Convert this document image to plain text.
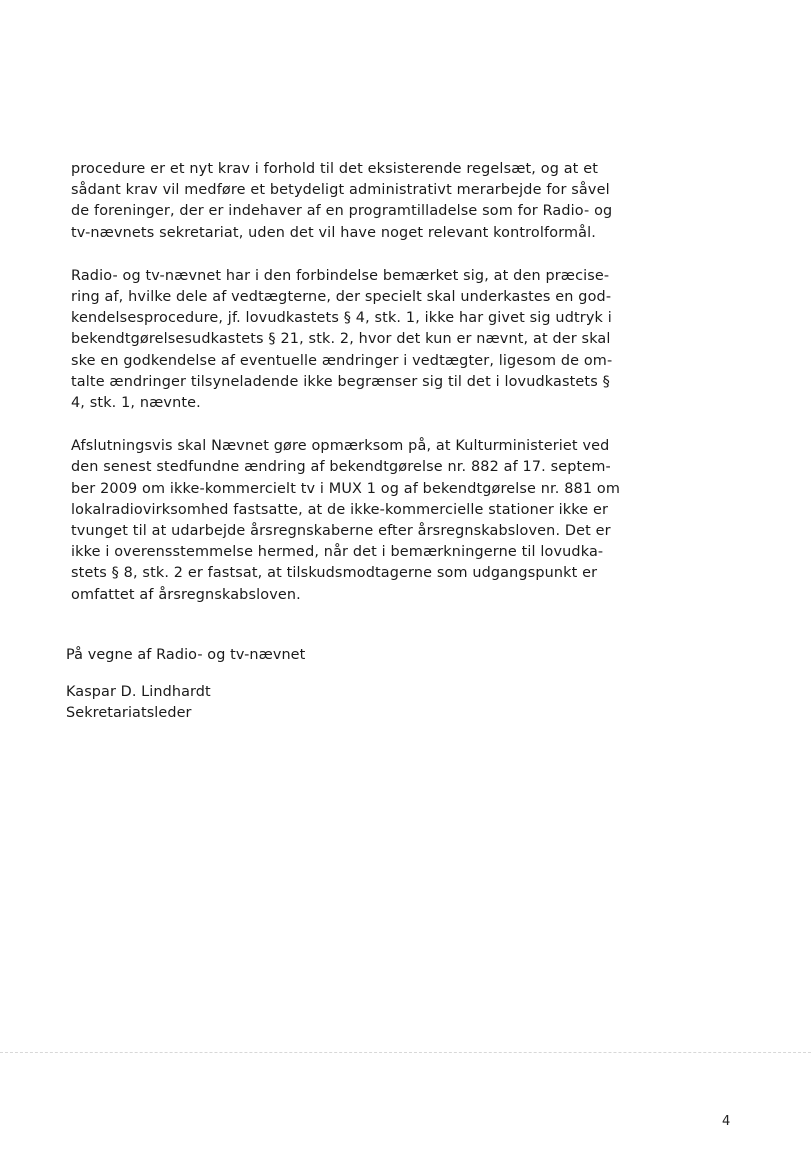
procedure er et nyt krav i forhold til det eksisterende regelsæt, og at et
sådant krav vil medføre et betydeligt administrativt merarbejde for såvel
de foreninger, der er indehaver af en programtilladelse som for Radio- og
tv-nævnets sekretariat, uden det vil have noget relevant kontrolformål.

Radio- og tv-nævnet har i den forbindelse bemærket sig, at den præcise-
ring af, hvilke dele af vedtægterne, der specielt skal underkastes en god-
kendelsesprocedure, jf. lovudkastets § 4, stk. 1, ikke har givet sig udtryk i
bekendtgørelsesudkastets § 21, stk. 2, hvor det kun er nævnt, at der skal
ske en godkendelse af eventuelle ændringer i vedtægter, ligesom de om-
talte ændringer tilsyneladende ikke begrænser sig til det i lovudkastets §
4, stk. 1, nævnte.

Afslutningsvis skal Nævnet gøre opmærksom på, at Kulturministeriet ved
den senest stedfundne ændring af bekendtgørelse nr. 882 af 17. septem-
ber 2009 om ikke-kommercielt tv i MUX 1 og af bekendtgørelse nr. 881 om
lokalradiovirksomhed fastsatte, at de ikke-kommercielle stationer ikke er
tvunget til at udarbejde årsregnskaberne efter årsregnskabsloven. Det er
ikke i overensstemmelse hermed, når det i bemærkningerne til lovudka-
stets § 8, stk. 2 er fastsat, at tilskudsmodtagerne som udgangspunkt er
omfattet af årsregnskabsloven.

På vegne af Radio- og tv-nævnet
Kaspar D. Lindhardt
Sekretariatsleder
4
